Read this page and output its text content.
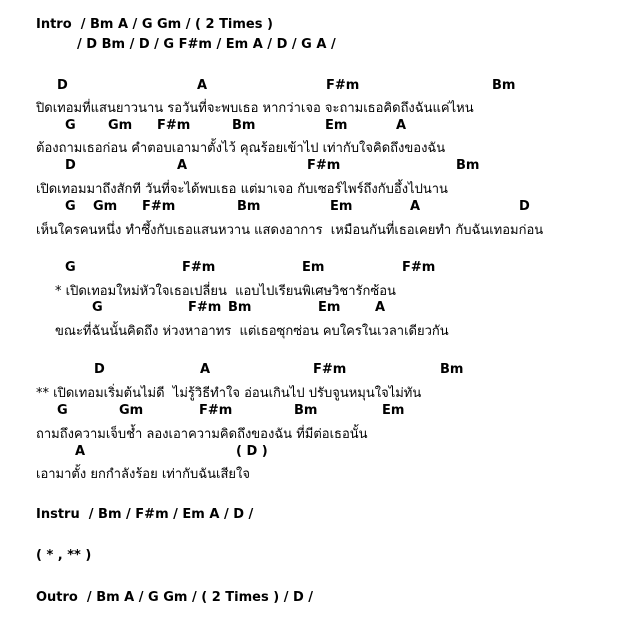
Intro  / Bm A / G Gm / ( 2 Times )
/ D Bm / D / G F#m / Em A / D / G A /
D	A	F#m	Bm
ปิดเทอมที่แสนยาวนาน รอวันที่จะพบเธอ หากว่าเจอ จะถามเธอคิดถึงฉันแค่ไหน
G Gm F#m	Bm	Em	A
ต้องถามเธอก่อน คำตอบเอามาตั้งไว้ คุณร้อยเข้าไป เท่ากับใจคิดถึงของฉัน
D	A	F#m	Bm
เปิดเทอมมาถึงสักที วันที่จะได้พบเธอ แต่มาเจอ กับเซอร์ไพร์ถึงกับอึ้งไปนาน
G Gm F#m	Bm	Em	A	D
เห็นใครคนหนึ่ง ทำซึ้งกับเธอแสนหวาน แสดงอาการ  เหมือนกันที่เธอเคยทำ กับฉันเทอมก่อน
G	F#m	Em	F#m
* เปิดเทอมใหม่หัวใจเธอเปลี่ยน  แอบไปเรียนพิเศษวิชารักซ้อน
G	F#m Bm	Em	A
ขณะที่ฉันนั้นคิดถึง ห่วงหาอาทร  แต่เธอซุกซ่อน คบใครในเวลาเดียวกัน
D	A	F#m	Bm
** เปิดเทอมเริ่มต้นไม่ดี  ไม่รู้วิธีทำใจ อ่อนเกินไป ปรับจูนหมุนใจไม่ทัน
G	Gm	F#m	Bm	Em
ถามถึงความเจ็บช้ำ ลองเอาความคิดถึงของฉัน ที่มีต่อเธอนั้น
A	( D )
เอามาตั้ง ยกกำลังร้อย เท่ากับฉันเสียใจ
Instru  / Bm / F#m / Em A / D /
( * , ** )
Outro  / Bm A / G Gm / ( 2 Times ) / D /
